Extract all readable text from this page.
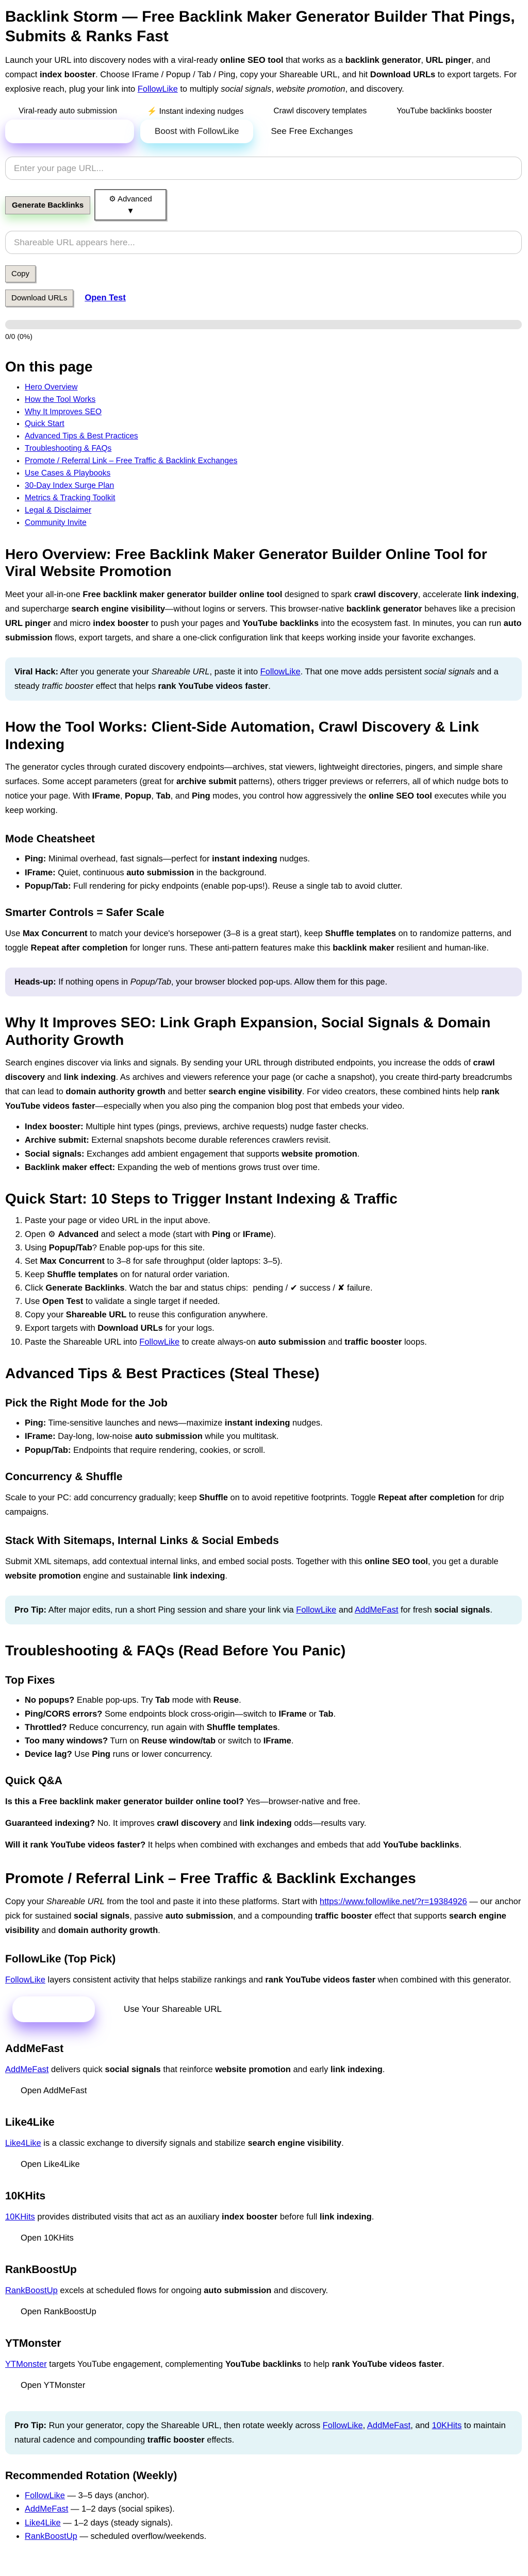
Backlink Storm — Free Backlink Maker Generator Builder That Pings, Submits & Ranks Fast

Launch your URL into discovery nodes with a viral-ready online SEO tool that works as a backlink generator, URL pinger, and compact index booster. Choose IFrame / Popup / Tab / Ping, copy your Shareable URL, and hit Download URLs to export targets. For explosive reach, plug your link into FollowLike to multiply social signals, website promotion, and discovery.

Viral-ready auto submission	⚡ Instant indexing nudges	Crawl discovery templates	YouTube backlinks booster
Boost with FollowLike	See Free Exchanges
Enter your page URL...
Generate Backlinks
⚙ Advanced
▼
Shareable URL appears here...
Copy
Download URLs	Open Test
0/0 (0%)
On this page
• Hero Overview
• How the Tool Works
• Why It Improves SEO
• Quick Start
• Advanced Tips & Best Practices
• Troubleshooting & FAQs
• Promote / Referral Link – Free Traffic & Backlink Exchanges
• Use Cases & Playbooks
• 30-Day Index Surge Plan
• Metrics & Tracking Toolkit
• Legal & Disclaimer
• Community Invite
Hero Overview: Free Backlink Maker Generator Builder Online Tool for Viral Website Promotion

Meet your all-in-one Free backlink maker generator builder online tool designed to spark crawl discovery, accelerate link indexing, and supercharge search engine visibility—without logins or servers. This browser-native backlink generator behaves like a precision URL pinger and micro index booster to push your pages and YouTube backlinks into the ecosystem fast. In minutes, you can run auto submission flows, export targets, and share a one-click configuration link that keeps working inside your favorite exchanges.

Viral Hack: After you generate your Shareable URL, paste it into FollowLike. That one move adds persistent social signals and a steady traffic booster effect that helps rank YouTube videos faster.
How the Tool Works: Client-Side Automation, Crawl Discovery & Link Indexing

The generator cycles through curated discovery endpoints—archives, stat viewers, lightweight directories, pingers, and simple share surfaces. Some accept parameters (great for archive submit patterns), others trigger previews or referrers, all of which nudge bots to notice your page. With IFrame, Popup, Tab, and Ping modes, you control how aggressively the online SEO tool executes while you keep working.

Mode Cheatsheet
• Ping: Minimal overhead, fast signals—perfect for instant indexing nudges.
• IFrame: Quiet, continuous auto submission in the background.
• Popup/Tab: Full rendering for picky endpoints (enable pop-ups!). Reuse a single tab to avoid clutter.
Smarter Controls = Safer Scale

Use Max Concurrent to match your device's horsepower (3–8 is a great start), keep Shuffle templates on to randomize patterns, and toggle Repeat after completion for longer runs. These anti-pattern features make this backlink maker resilient and human-like.

Heads-up: If nothing opens in Popup/Tab, your browser blocked pop-ups. Allow them for this page.
Why It Improves SEO: Link Graph Expansion, Social Signals & Domain Authority Growth

Search engines discover via links and signals. By sending your URL through distributed endpoints, you increase the odds of crawl discovery and link indexing. As archives and viewers reference your page (or cache a snapshot), you create third-party breadcrumbs that can lead to domain authority growth and better search engine visibility. For video creators, these combined hints help rank YouTube videos faster—especially when you also ping the companion blog post that embeds your video.

• Index booster: Multiple hint types (pings, previews, archive requests) nudge faster checks.
• Archive submit: External snapshots become durable references crawlers revisit.
• Social signals: Exchanges add ambient engagement that supports website promotion.
• Backlink maker effect: Expanding the web of mentions grows trust over time.
Quick Start: 10 Steps to Trigger Instant Indexing & Traffic
1. Paste your page or video URL in the input above.
2. Open ⚙ Advanced and select a mode (start with Ping or IFrame).
3. Using Popup/Tab? Enable pop-ups for this site.
4. Set Max Concurrent to 3–8 for safe throughput (older laptops: 3–5).
5. Keep Shuffle templates on for natural order variation.
6. Click Generate Backlinks. Watch the bar and status chips:  pending / ✔ success / ✘ failure.
7. Use Open Test to validate a single target if needed.
8. Copy your Shareable URL to reuse this configuration anywhere.
9. Export targets with Download URLs for your logs.
10. Paste the Shareable URL into FollowLike to create always-on auto submission and traffic booster loops.
Advanced Tips & Best Practices (Steal These)
Pick the Right Mode for the Job
• Ping: Time-sensitive launches and news—maximize instant indexing nudges.
• IFrame: Day-long, low-noise auto submission while you multitask.
• Popup/Tab: Endpoints that require rendering, cookies, or scroll.
Concurrency & Shuffle

Scale to your PC: add concurrency gradually; keep Shuffle on to avoid repetitive footprints. Toggle Repeat after completion for drip campaigns.

Stack With Sitemaps, Internal Links & Social Embeds

Submit XML sitemaps, add contextual internal links, and embed social posts. Together with this online SEO tool, you get a durable website promotion engine and sustainable link indexing.

Pro Tip: After major edits, run a short Ping session and share your link via FollowLike and AddMeFast for fresh social signals.
Troubleshooting & FAQs (Read Before You Panic)
Top Fixes
• No popups? Enable pop-ups. Try Tab mode with Reuse.
• Ping/CORS errors? Some endpoints block cross-origin—switch to IFrame or Tab.
• Throttled? Reduce concurrency, run again with Shuffle templates.
• Too many windows? Turn on Reuse window/tab or switch to IFrame.
• Device lag? Use Ping runs or lower concurrency.
Quick Q&A

Is this a Free backlink maker generator builder online tool? Yes—browser-native and free.

Guaranteed indexing? No. It improves crawl discovery and link indexing odds—results vary.

Will it rank YouTube videos faster? It helps when combined with exchanges and embeds that add YouTube backlinks.

Promote / Referral Link – Free Traffic & Backlink Exchanges

Copy your Shareable URL from the tool and paste it into these platforms. Start with https://www.followlike.net/?r=19384926 — our anchor pick for sustained social signals, passive auto submission, and a compounding traffic booster effect that supports search engine visibility and domain authority growth.

FollowLike (Top Pick)

FollowLike layers consistent activity that helps stabilize rankings and rank YouTube videos faster when combined with this generator.

Use Your Shareable URL
AddMeFast

AddMeFast delivers quick social signals that reinforce website promotion and early link indexing.

Open AddMeFast
Like4Like

Like4Like is a classic exchange to diversify signals and stabilize search engine visibility.

Open Like4Like
10KHits

10KHits provides distributed visits that act as an auxiliary index booster before full link indexing.

Open 10KHits
RankBoostUp

RankBoostUp excels at scheduled flows for ongoing auto submission and discovery.

Open RankBoostUp
YTMonster

YTMonster targets YouTube engagement, complementing YouTube backlinks to help rank YouTube videos faster.

Open YTMonster
Pro Tip: Run your generator, copy the Shareable URL, then rotate weekly across FollowLike, AddMeFast, and 10KHits to maintain natural cadence and compounding traffic booster effects.
Recommended Rotation (Weekly)
• FollowLike — 3–5 days (anchor).
• AddMeFast — 1–2 days (social spikes).
• Like4Like — 1–2 days (steady signals).
• RankBoostUp — scheduled overflow/weekends.
